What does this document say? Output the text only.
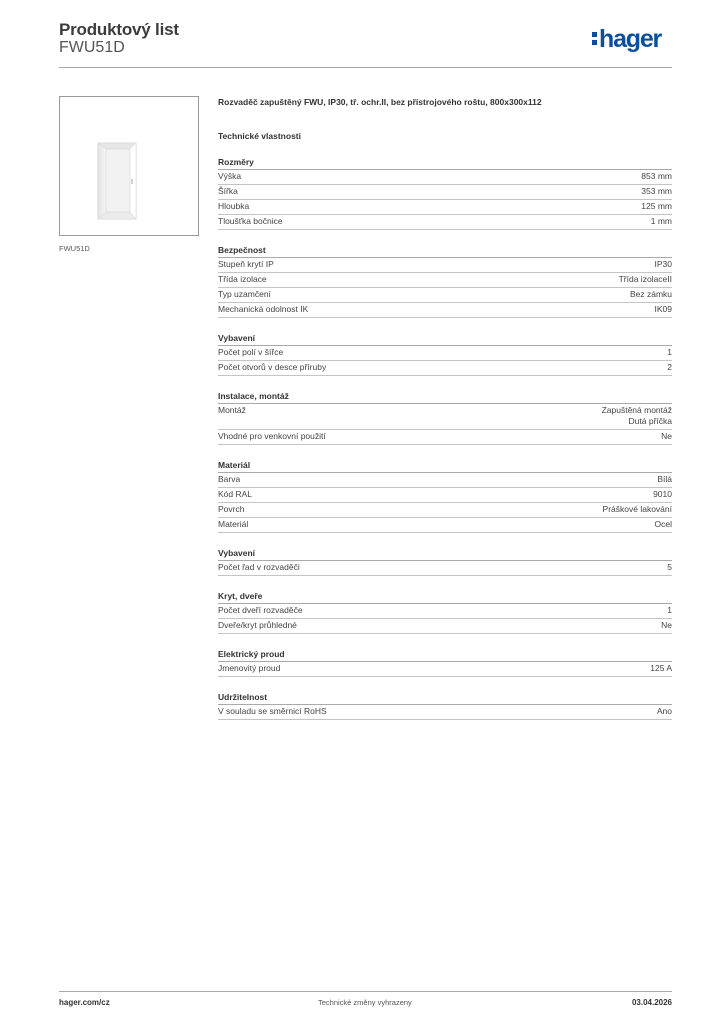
Produktový list
FWU51D	hager
FWU51D
Rozvaděč zapuštěný FWU, IP30, tř. ochr.II, bez přístrojového roštu, 800x300x112
Technické vlastnosti
Rozměry
Výška	853 mm
Šířka	353 mm
Hloubka	125 mm
Tloušťka bočnice	1 mm
Bezpečnost
Stupeň krytí IP	IP30
Třída izolace	Třída izolaceII
Typ uzamčení	Bez zámku
Mechanická odolnost IK	IK09
Vybavení
Počet polí v šířce	1
Počet otvorů v desce příruby	2
Instalace, montáž
Montáž	Zapuštěná montáž
Dutá příčka
Vhodné pro venkovní použití	Ne
Materiál
Barva	Bílá
Kód RAL	9010
Povrch	Práškové lakování
Materiál	Ocel
Vybavení
Počet řad v rozvaděči	5
Kryt, dveře
Počet dveří rozvaděče	1
Dveře/kryt průhledné	Ne
Elektrický proud
Jmenovitý proud	125 A
Udržitelnost
V souladu se směrnicí RoHS	Ano
hager.com/cz	Technické změny vyhrazeny	03.04.2026
